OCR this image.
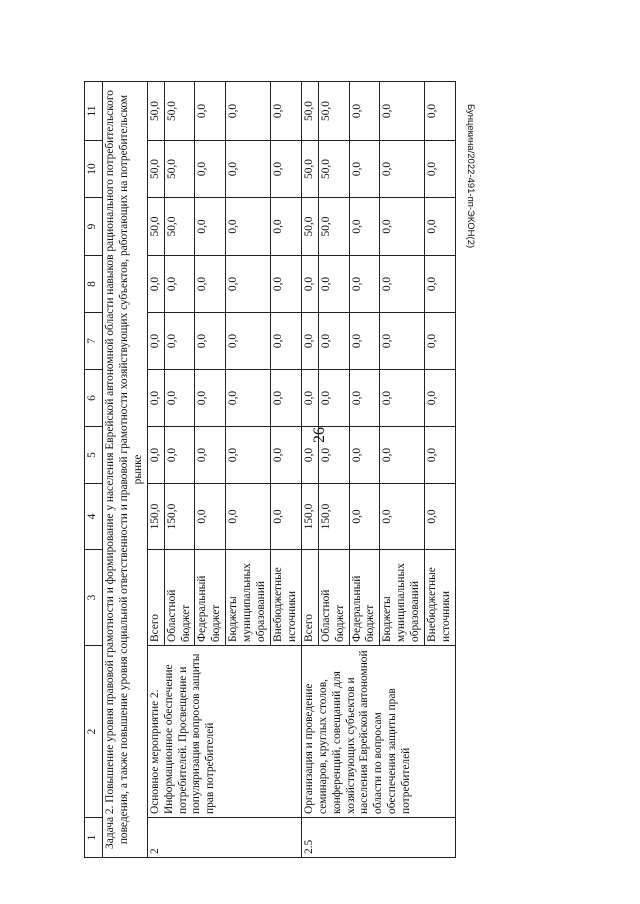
26
Бунцекина/2022-491-пп-ЭКОН(2)
1	2	3	4	5	6	7	8	9	10	11
Задача 2. Повышение уровня правовой грамотности и формирование у населения Еврейской автономной области навыков рационального потребительского поведения, а также повышение уровня социальной ответственности и правовой грамотности хозяйствующих субъектов, работающих на потребительском рынке										
2	Основное мероприятие 2. Информационное обеспечение потребителей. Просвещение и популяризация вопросов защиты прав потребителей	Всего	150,0	0,0	0,0	0,0	0,0	50,0	50,0	50,0
		Областной бюджет	150,0	0,0	0,0	0,0	0,0	50,0	50,0	50,0
		Федеральный бюджет	0,0	0,0	0,0	0,0	0,0	0,0	0,0	0,0
		Бюджеты муниципальных образований	0,0	0,0	0,0	0,0	0,0	0,0	0,0	0,0
		Внебюджетные источники	0,0	0,0	0,0	0,0	0,0	0,0	0,0	0,0
2.5	Организация и проведение семинаров, круглых столов, конференций, совещаний для хозяйствующих субъектов и населения Еврейской автономной области по вопросам обеспечения защиты прав потребителей	Всего	150,0	0,0	0,0	0,0	0,0	50,0	50,0	50,0
		Областной бюджет	150,0	0,0	0,0	0,0	0,0	50,0	50,0	50,0
		Федеральный бюджет	0,0	0,0	0,0	0,0	0,0	0,0	0,0	0,0
		Бюджеты муниципальных образований	0,0	0,0	0,0	0,0	0,0	0,0	0,0	0,0
		Внебюджетные источники	0,0	0,0	0,0	0,0	0,0	0,0	0,0	0,0
